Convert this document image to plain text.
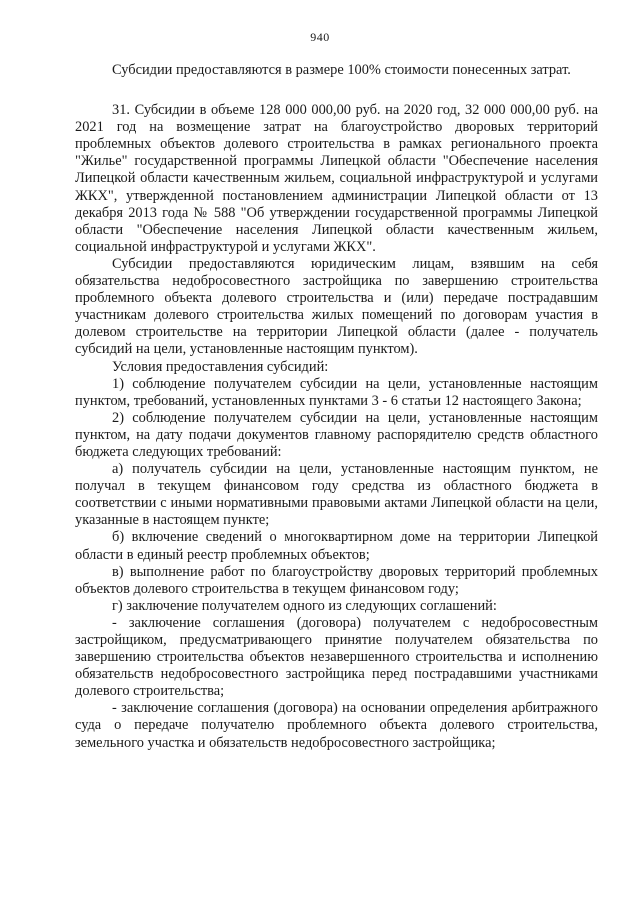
940

Субсидии предоставляются в размере 100% стоимости понесенных затрат.

31. Субсидии в объеме 128 000 000,00 руб. на 2020 год, 32 000 000,00 руб. на 2021 год на возмещение затрат на благоустройство дворовых территорий проблемных объектов долевого строительства в рамках регионального проекта "Жилье" государственной программы Липецкой области "Обеспечение населения Липецкой области качественным жильем, социальной инфраструктурой и услугами ЖКХ", утвержденной постановлением администрации Липецкой области от 13 декабря 2013 года № 588 "Об утверждении государственной программы Липецкой области "Обеспечение населения Липецкой области качественным жильем, социальной инфраструктурой и услугами ЖКХ".

Субсидии предоставляются юридическим лицам, взявшим на себя обязательства недобросовестного застройщика по завершению строительства проблемного объекта долевого строительства и (или) передаче пострадавшим участникам долевого строительства жилых помещений по договорам участия в долевом строительстве на территории Липецкой области (далее - получатель субсидий на цели, установленные настоящим пунктом).

Условия предоставления субсидий:

1) соблюдение получателем субсидии на цели, установленные настоящим пунктом, требований, установленных пунктами 3 - 6 статьи 12 настоящего Закона;

2) соблюдение получателем субсидии на цели, установленные настоящим пунктом, на дату подачи документов главному распорядителю средств областного бюджета следующих требований:

а) получатель субсидии на цели, установленные настоящим пунктом, не получал в текущем финансовом году средства из областного бюджета в соответствии с иными нормативными правовыми актами Липецкой области на цели, указанные в настоящем пункте;

б) включение сведений о многоквартирном доме на территории Липецкой области в единый реестр проблемных объектов;

в) выполнение работ по благоустройству дворовых территорий проблемных объектов долевого строительства в текущем финансовом году;

г) заключение получателем одного из следующих соглашений:

- заключение соглашения (договора) получателем с недобросовестным застройщиком, предусматривающего принятие получателем обязательства по завершению строительства объектов незавершенного строительства и исполнению обязательств недобросовестного застройщика перед пострадавшими участниками долевого строительства;

- заключение соглашения (договора) на основании определения арбитражного суда о передаче получателю проблемного объекта долевого строительства, земельного участка и обязательств недобросовестного застройщика;
